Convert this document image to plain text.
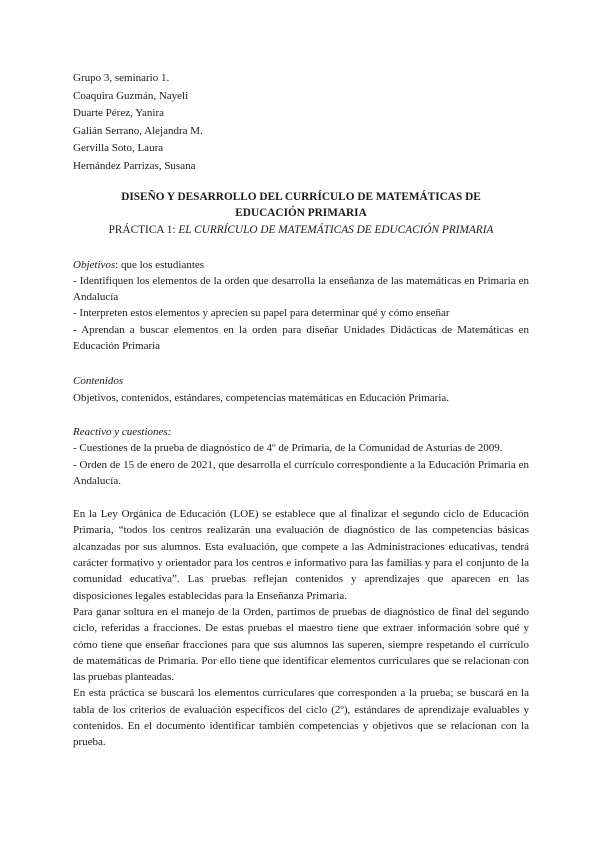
Grupo 3, seminario 1.
Coaquira Guzmán, Nayeli
Duarte Pérez, Yanira
Galián Serrano, Alejandra M.
Gervilla Soto, Laura
Hernández Parrizas, Susana
DISEÑO Y DESARROLLO DEL CURRÍCULO DE MATEMÁTICAS DE
EDUCACIÓN PRIMARIA
PRÁCTICA 1: EL CURRÍCULO DE MATEMÁTICAS DE EDUCACIÓN PRIMARIA

Objetivos: que los estudiantes

- Identifiquen los elementos de la orden que desarrolla la enseñanza de las matemáticas en Primaria en Andalucía

- Interpreten estos elementos y aprecien su papel para determinar qué y cómo enseñar

- Aprendan a buscar elementos en la orden para diseñar Unidades Didácticas de Matemáticas en Educación Primaria

Contenidos

Objetivos, contenidos, estándares, competencias matemáticas en Educación Primaria.

Reactivo y cuestiones:

- Cuestiones de la prueba de diagnóstico de 4º de Primaria, de la Comunidad de Asturias de 2009.

- Orden de 15 de enero de 2021, que desarrolla el currículo correspondiente a la Educación Primaria en Andalucía.

En la Ley Orgánica de Educación (LOE) se establece que al finalizar el segundo ciclo de Educación Primaria, “todos los centros realizarán una evaluación de diagnóstico de las competencias básicas alcanzadas por sus alumnos. Esta evaluación, que compete a las Administraciones educativas, tendrá carácter formativo y orientador para los centros e informativo para las familias y para el conjunto de la comunidad educativa”. Las pruebas reflejan contenidos y aprendizajes que aparecen en las disposiciones legales establecidas para la Enseñanza Primaria.

Para ganar soltura en el manejo de la Orden, partimos de pruebas de diagnóstico de final del segundo ciclo, referidas a fracciones. De estas pruebas el maestro tiene que extraer información sobre qué y cómo tiene que enseñar fracciones para que sus alumnos las superen, siempre respetando el currículo de matemáticas de Primaria. Por ello tiene que identificar elementos curriculares que se relacionan con las pruebas planteadas.

En esta práctica se buscará los elementos curriculares que corresponden a la prueba; se buscará en la tabla de los criterios de evaluación específicos del ciclo (2º), estándares de aprendizaje evaluables y contenidos. En el documento identificar también competencias y objetivos que se relacionan con la prueba.
